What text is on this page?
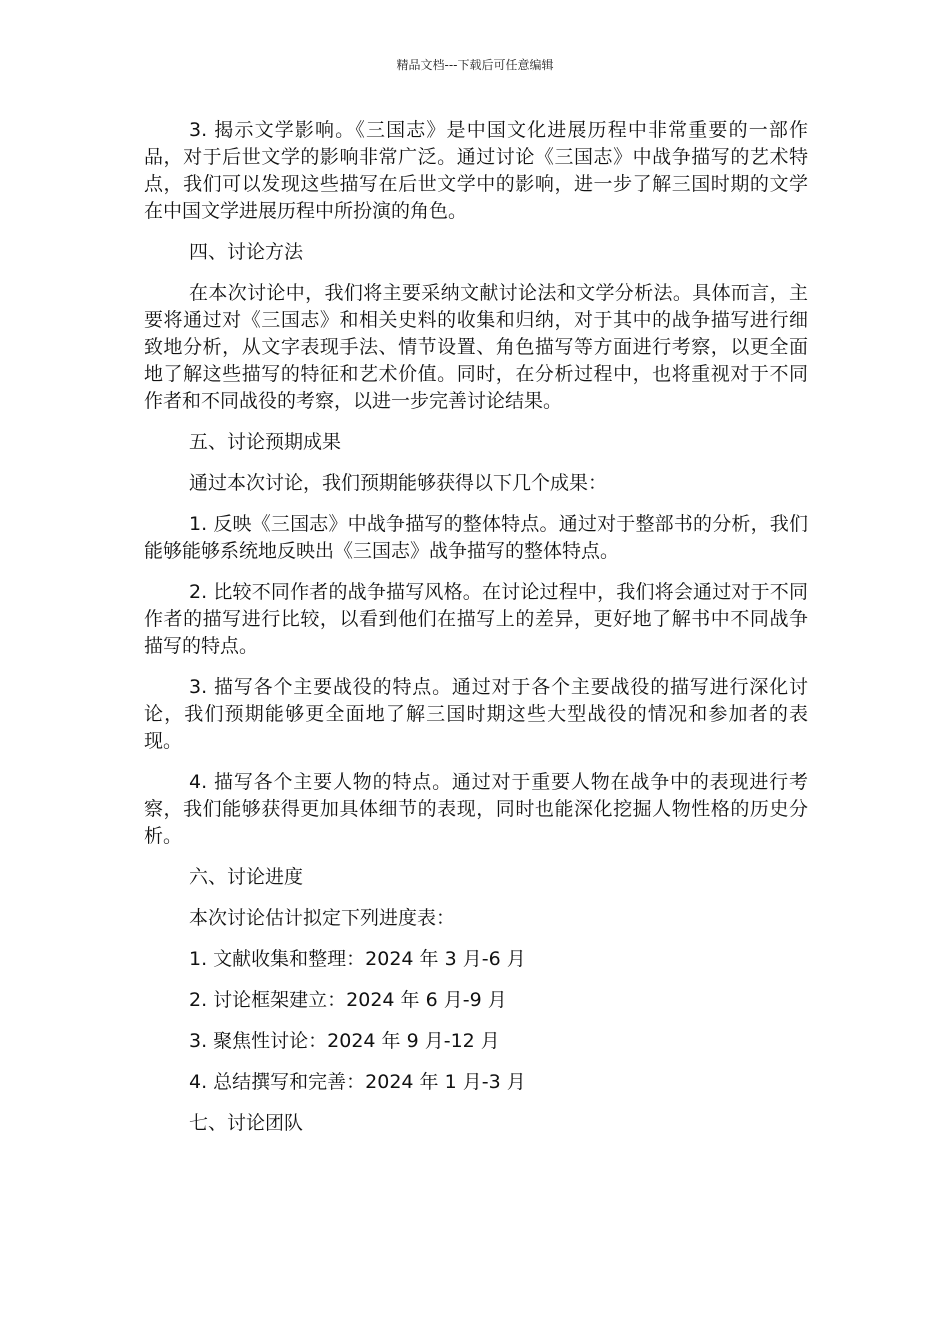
精品文档---下载后可任意编辑

3. 揭示文学影响。《三国志》是中国文化进展历程中非常重要的一部作品，对于后世文学的影响非常广泛。通过讨论《三国志》中战争描写的艺术特点，我们可以发现这些描写在后世文学中的影响，进一步了解三国时期的文学在中国文学进展历程中所扮演的角色。

四、讨论方法

在本次讨论中，我们将主要采纳文献讨论法和文学分析法。具体而言，主要将通过对《三国志》和相关史料的收集和归纳，对于其中的战争描写进行细致地分析，从文字表现手法、情节设置、角色描写等方面进行考察，以更全面地了解这些描写的特征和艺术价值。同时，在分析过程中，也将重视对于不同作者和不同战役的考察，以进一步完善讨论结果。

五、讨论预期成果

通过本次讨论，我们预期能够获得以下几个成果：

1. 反映《三国志》中战争描写的整体特点。通过对于整部书的分析，我们能够能够系统地反映出《三国志》战争描写的整体特点。

2. 比较不同作者的战争描写风格。在讨论过程中，我们将会通过对于不同作者的描写进行比较，以看到他们在描写上的差异，更好地了解书中不同战争描写的特点。

3. 描写各个主要战役的特点。通过对于各个主要战役的描写进行深化讨论，我们预期能够更全面地了解三国时期这些大型战役的情况和参加者的表现。

4. 描写各个主要人物的特点。通过对于重要人物在战争中的表现进行考察，我们能够获得更加具体细节的表现，同时也能深化挖掘人物性格的历史分析。

六、讨论进度

本次讨论估计拟定下列进度表：

1. 文献收集和整理：2024 年 3 月-6 月

2. 讨论框架建立：2024 年 6 月-9 月

3. 聚焦性讨论：2024 年 9 月-12 月

4. 总结撰写和完善：2024 年 1 月-3 月

七、讨论团队
